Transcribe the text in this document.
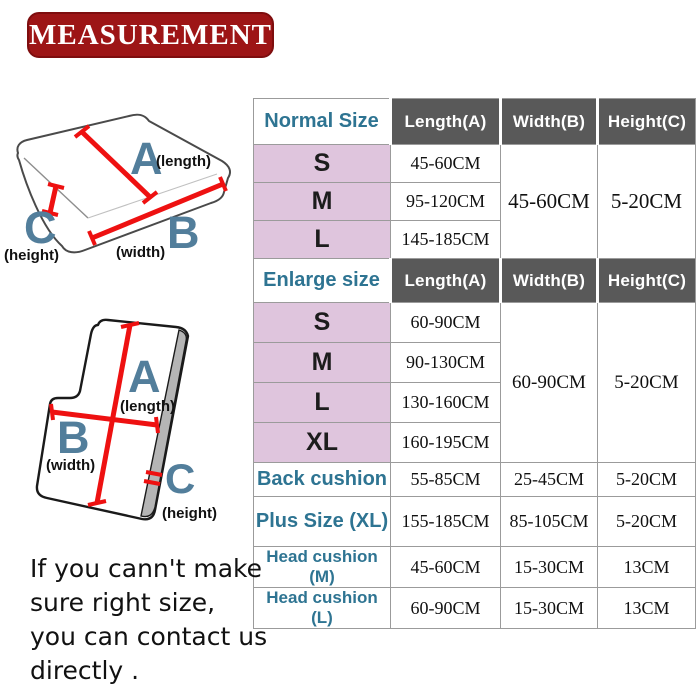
MEASUREMENT
A
(length)
B
(width)
C
(height)
A
(length)
B
(width) C
(height)
Normal Size	Length(A)	Width(B)	Height(C)
S	45-60CM	45-60CM	5-20CM
M	95-120CM		
L	145-185CM		
Enlarge size	Length(A)	Width(B)	Height(C)
S	60-90CM	60-90CM	5-20CM
M	90-130CM		
L	130-160CM		
XL	160-195CM		
Back cushion	55-85CM	25-45CM	5-20CM
Plus Size (XL)	155-185CM	85-105CM	5-20CM
Head cushion (M)	45-60CM	15-30CM	13CM
Head cushion (L)	60-90CM	15-30CM	13CM
If you cann't make
sure right size,
you can contact us
directly .
